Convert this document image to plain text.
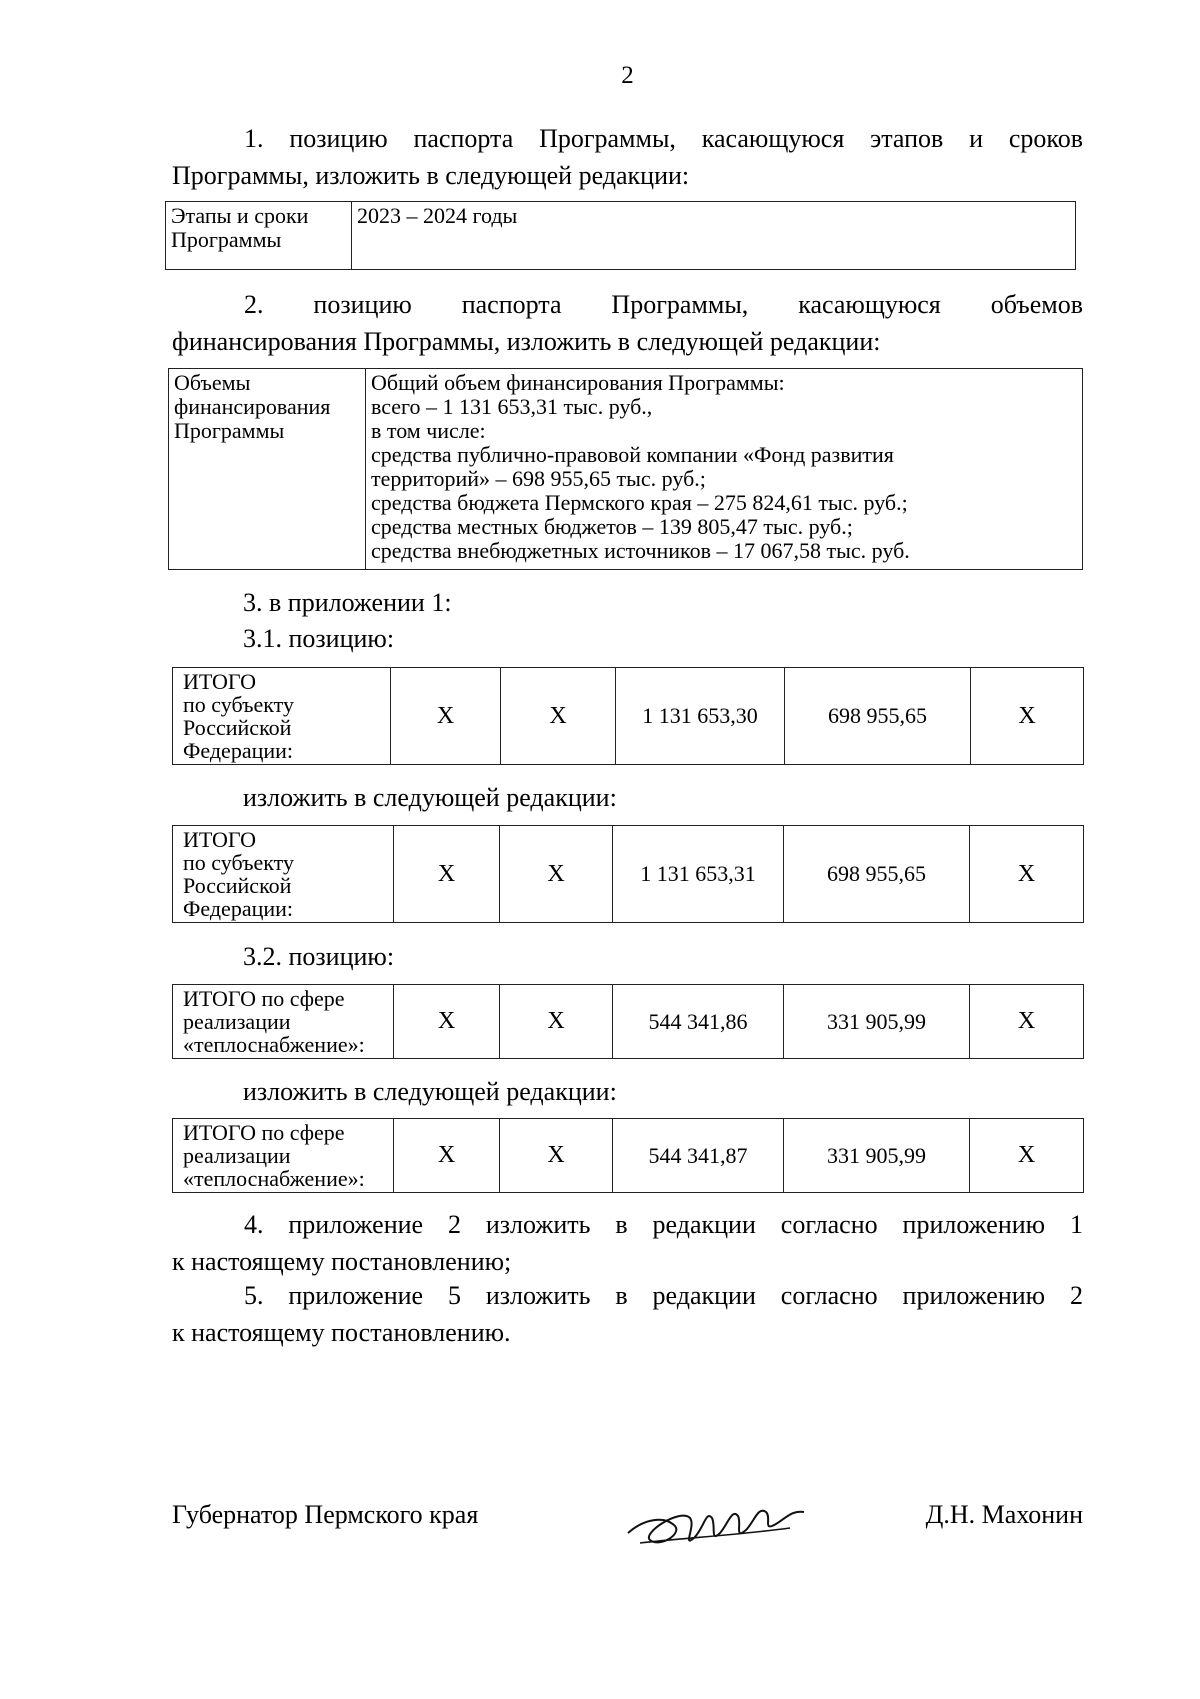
2
1. позицию паспорта Программы, касающуюся этапов и сроков
Программы, изложить в следующей редакции:
Этапы и сроки
Программы
	2023 – 2024 годы
2. позицию паспорта Программы, касающуюся объемов
финансирования Программы, изложить в следующей редакции:
Объемы
финансирования
Программы

Общий объем финансирования Программы:
всего – 1 131 653,31 тыс. руб.,
в том числе:
средства публично-правовой компании «Фонд развития
территорий» – 698 955,65 тыс. руб.;
средства бюджета Пермского края – 275 824,61 тыс. руб.;
средства местных бюджетов – 139 805,47 тыс. руб.;
средства внебюджетных источников – 17 067,58 тыс. руб.
3. в приложении 1:
3.1. позицию:
ИТОГО
по субъекту
Российской
Федерации:
	X	X	1 131 653,30	698 955,65	X
изложить в следующей редакции:
ИТОГО
по субъекту
Российской
Федерации:
	X	X	1 131 653,31	698 955,65	X
3.2. позицию:
ИТОГО по сфере
реализации
«теплоснабжение»:
	X	X	544 341,86	331 905,99	X
изложить в следующей редакции:
ИТОГО по сфере
реализации
«теплоснабжение»:
	X	X	544 341,87	331 905,99	X
4. приложение 2 изложить в редакции согласно приложению 1
к настоящему постановлению;
5. приложение 5 изложить в редакции согласно приложению 2
к настоящему постановлению.
Губернатор Пермского края	Д.Н. Махонин
